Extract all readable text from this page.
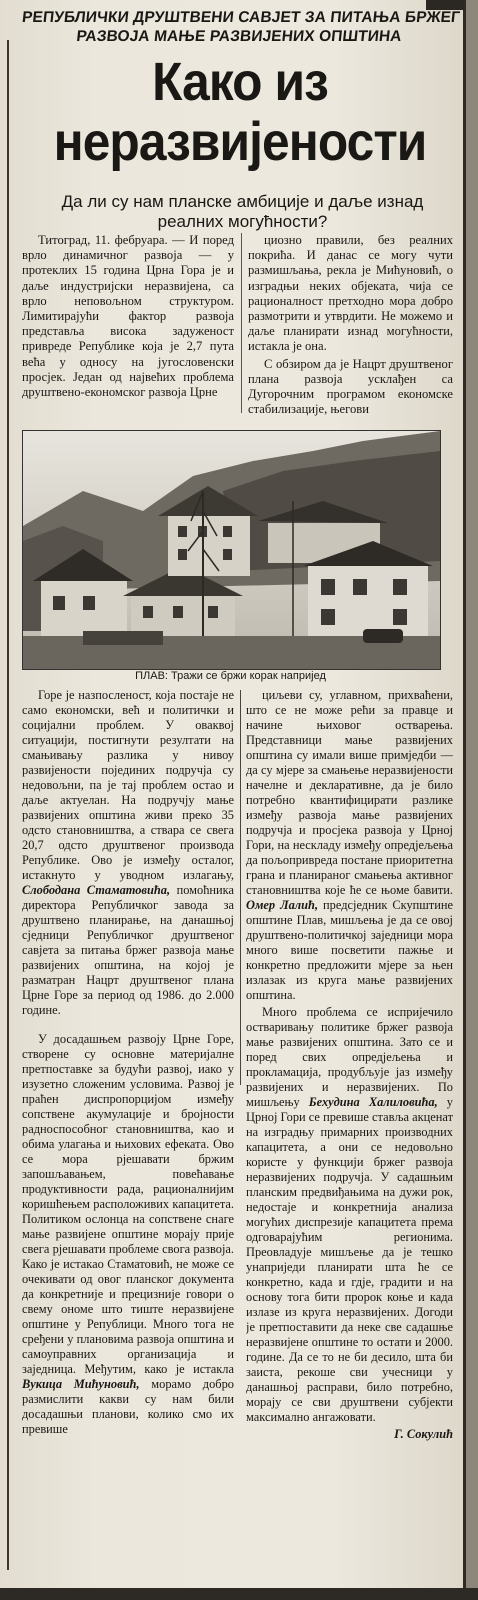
РЕПУБЛИЧКИ ДРУШТВЕНИ САВЈЕТ ЗА ПИТАЊА БРЖЕГ РАЗВОЈА МАЊЕ РАЗВИЈЕНИХ ОПШТИНА
Како из
неразвијености
Да ли су нам планске амбиције и даље изнад реалних могућности?

Титоград, 11. фебруара. — И поред врло динамичног развоја — у протеклих 15 година Црна Гора је и даље индустријски неразвијена, са врло неповољном структуром. Лимитирајући фактор развоја представља висока задуженост привреде Републике која је 2,7 пута већа у односу на југословенски просјек. Један од највећих проблема друштвено-економског развоја Црне

циозно правили, без реалних покрића. И данас се могу чути размишљања, рекла је Мићуновић, о изградњи неких објеката, чија се рационалност претходно мора добро размотрити и утврдити. Не можемо и даље планирати изнад могућности, истакла је она.

С обзиром да је Нацрт друштвеног плана развоја усклађен са Дугорочним програмом економске стабилизације, његови

ПЛАВ: Тражи се бржи корак напријед

Горе је назпосленост, која постаје не само економски, већ и политички и социјални проблем. У оваквој ситуацији, постигнути резултати на смањивању разлика у нивоу развијености појединих подручја су недовољни, па је тај проблем остао и даље актуелан. На подручју мање развијених општина живи преко 35 одсто становништва, а ствара се свега 20,7 одсто друштвеног производа Републике. Ово је између осталог, истакнуто у уводном излагању, Слободана Стаматовића, помоћника директора Републичког завода за друштвено планирање, на данашњој сједници Републичког друштвеног савјета за питања бржег развоја мање развијених општина, на којој је разматран Нацрт друштвеног плана Црне Горе за период од 1986. до 2.000 године.

У досадашњем развоју Црне Горе, створене су основне материјалне претпоставке за будући развој, иако у изузетно сложеним условима. Развој је праћен диспропорцијом између сопствене акумулације и бројности радноспособног становништва, као и обима улагања и њихових ефеката. Ово се мора рјешавати бржим запошљавањем, повећавање продуктивности рада, рационалнијим коришћењем расположивих капацитета. Политиком ослонца на сопствене снаге мање развијене општине морају прије свега рјешавати проблеме свога развоја. Како је истакао Стаматовић, не може се очекивати од овог планског документа да конкретније и прецизније говори о свему ономе што тиште неразвијене општине у Републици. Много тога не сређени у плановима развоја општина и самоуправних организација и заједница. Међутим, како је истакла Вукица Мићуновић, морамо добро размислити какви су нам били досадашњи планови, колико смо их превише

циљеви су, углавном, прихваћени, што се не може рећи за правце и начине њиховог остварења. Представници мање развијених општина су имали више примједби — да су мјере за смањење неразвијености начелне и декларативне, да је било потребно квантифицирати разлике између развоја мање развијених подручја и просјека развоја у Црној Гори, на нескладу између опредјељења да пољопривреда постане приоритетна грана и планираног смањења активног становништва које ће се њоме бавити. Омер Лалић, предсједник Скупштине општине Плав, мишљења је да се овој друштвено-политичкој заједници мора много више посветити пажње и конкретно предложити мјере за њен излазак из круга мање развијених општина.

Много проблема се испријечило остваривању политике бржег развоја мање развијених општина. Зато се и поред свих опредјељења и прокламација, продубљује јаз између развијених и неразвијених. По мишљењу Бехудина Халиловића, у Црној Гори се превише ставља акценат на изградњу примарних производних капацитета, а они се недовољно користе у функцији бржег развоја неразвијених подручја. У садашњим планским предвиђањима на дужи рок, недостаје и конкретнија анализа могућих диспрезије капацитета према одговарајућим регионима. Преовладује мишљење да је тешко унаприједи планирати шта ће се конкретно, када и гдје, градити и на основу тога бити пророк коње и када излазе из круга неразвијених. Догоди је претпоставити да неке све садашње неразвијене општине то остати и 2000. године. Да се то не би десило, шта би заиста, рекоше сви учесници у данашњој расправи, било потребно, морају се сви друштвени субјекти максимално ангажовати.

Г. Сокулић
